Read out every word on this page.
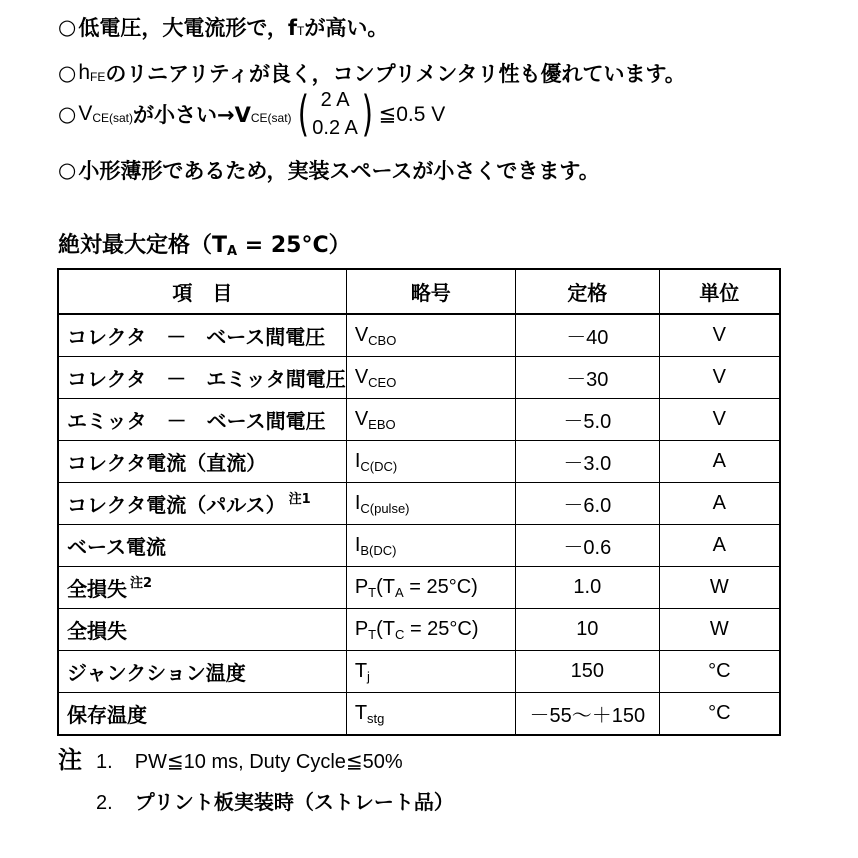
○ 低電圧，大電流形で，f T が高い。
○ h FE のリニアリティが良く，コンプリメンタリ性も優れています。
○ V CE(sat) が小さい→V CE(sat) ( 2 A
0.2 A ) ≦0.5 V
○ 小形薄形であるため，実装スペースが小さくできます。
絶対最大定格（TA = 25°C）
項　目	略号	定格	単位
コレクタ　－　ベース間電圧	$V_{CBO}$	－40	V
コレクタ　－　エミッタ間電圧	$V_{CEO}$	－30	V
エミッタ　－　ベース間電圧	$V_{EBO}$	－5.0	V
コレクタ電流（直流）	$I_{C(DC)}$	－3.0	A
コレクタ電流（パルス） $^{注1}$	$I_{C(pulse)}$	－6.0	A
ベース電流	$I_{B(DC)}$	－0.6	A
全損失 $^{注2}$	$P_T(T_A = 25^\circ C)$	1.0	W
全損失	$P_T(T_C = 25^\circ C)$	10	W
ジャンクション温度	$T_j$	150	°C
保存温度	$T_{stg}$	－55～＋150	°C
注 1. PW≦10 ms, Duty Cycle≦50%
2. プリント板実装時（ストレート品）
